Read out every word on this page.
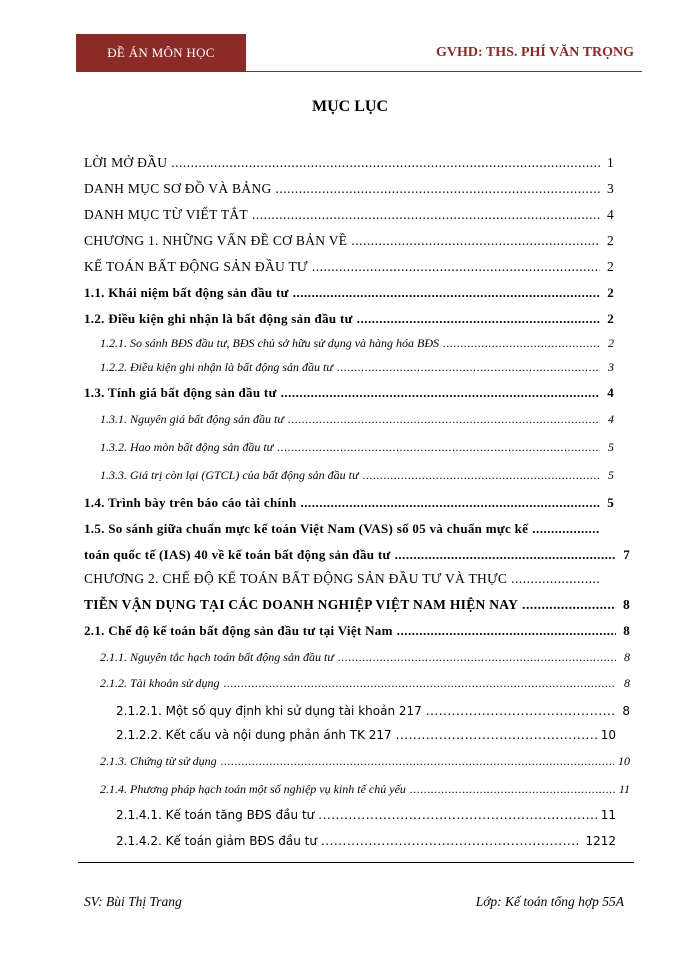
ĐỀ ÁN MÔN HỌC	GVHD: THS. PHÍ VĂN TRỌNG
MỤC LỤC
LỜI MỞ ĐẦU .....	1
DANH MỤC SƠ ĐỒ VÀ BẢNG .....	3
DANH MỤC TỪ VIẾT TẮT .....	4
CHƯƠNG 1. NHỮNG VẤN ĐỀ CƠ BẢN VỀ .....	2
KẾ TOÁN BẤT ĐỘNG SẢN ĐẦU TƯ .....	2
1.1. Khái niệm bất động sản đầu tư .....	2
1.2. Điều kiện ghi nhận là bất động sản đầu tư .....	2
1.2.1. So sánh BĐS đầu tư, BĐS chủ sở hữu sử dụng và hàng hóa BĐS .....	2
1.2.2. Điều kiện ghi nhận là bất động sản đầu tư .....	3
1.3. Tính giá bất động sản đầu tư .....	4
1.3.1. Nguyên giá bất động sản đầu tư .....	4
1.3.2. Hao mòn bất động sản đầu tư .....	5
1.3.3. Giá trị còn lại (GTCL) của bất động sản đầu tư .....	5
1.4. Trình bày trên báo cáo tài chính .....	5
1.5. So sánh giữa chuẩn mực kế toán Việt Nam (VAS) số 05 và chuẩn mực kế
.....
toán quốc tế (IAS) 40 về kế toán bất động sản đầu tư .....	7
CHƯƠNG 2. CHẾ ĐỘ KẾ TOÁN BẤT ĐỘNG SẢN ĐẦU TƯ VÀ THỰC
.....
TIỄN VẬN DỤNG TẠI CÁC DOANH NGHIỆP VIỆT NAM HIỆN NAY .....	8
2.1. Chế độ kế toán bất động sản đầu tư tại Việt Nam .....	8
2.1.1. Nguyên tắc hạch toán bất động sản đầu tư .....	8
2.1.2. Tài khoản sử dụng .....	8
2.1.2.1. Một số quy định khi sử dụng tài khoản 217 .....	8
2.1.2.2. Kết cấu và nội dung phản ánh TK 217 .....	10
2.1.3. Chứng từ sử dụng .....	10
2.1.4. Phương pháp hạch toán một số nghiệp vụ kinh tế chủ yếu .....	11
2.1.4.1. Kế toán tăng BĐS đầu tư .....	11
2.1.4.2. Kế toán giảm BĐS đầu tư .....	1212
SV: Bùi Thị Trang	Lớp: Kế toán tổng hợp 55A
